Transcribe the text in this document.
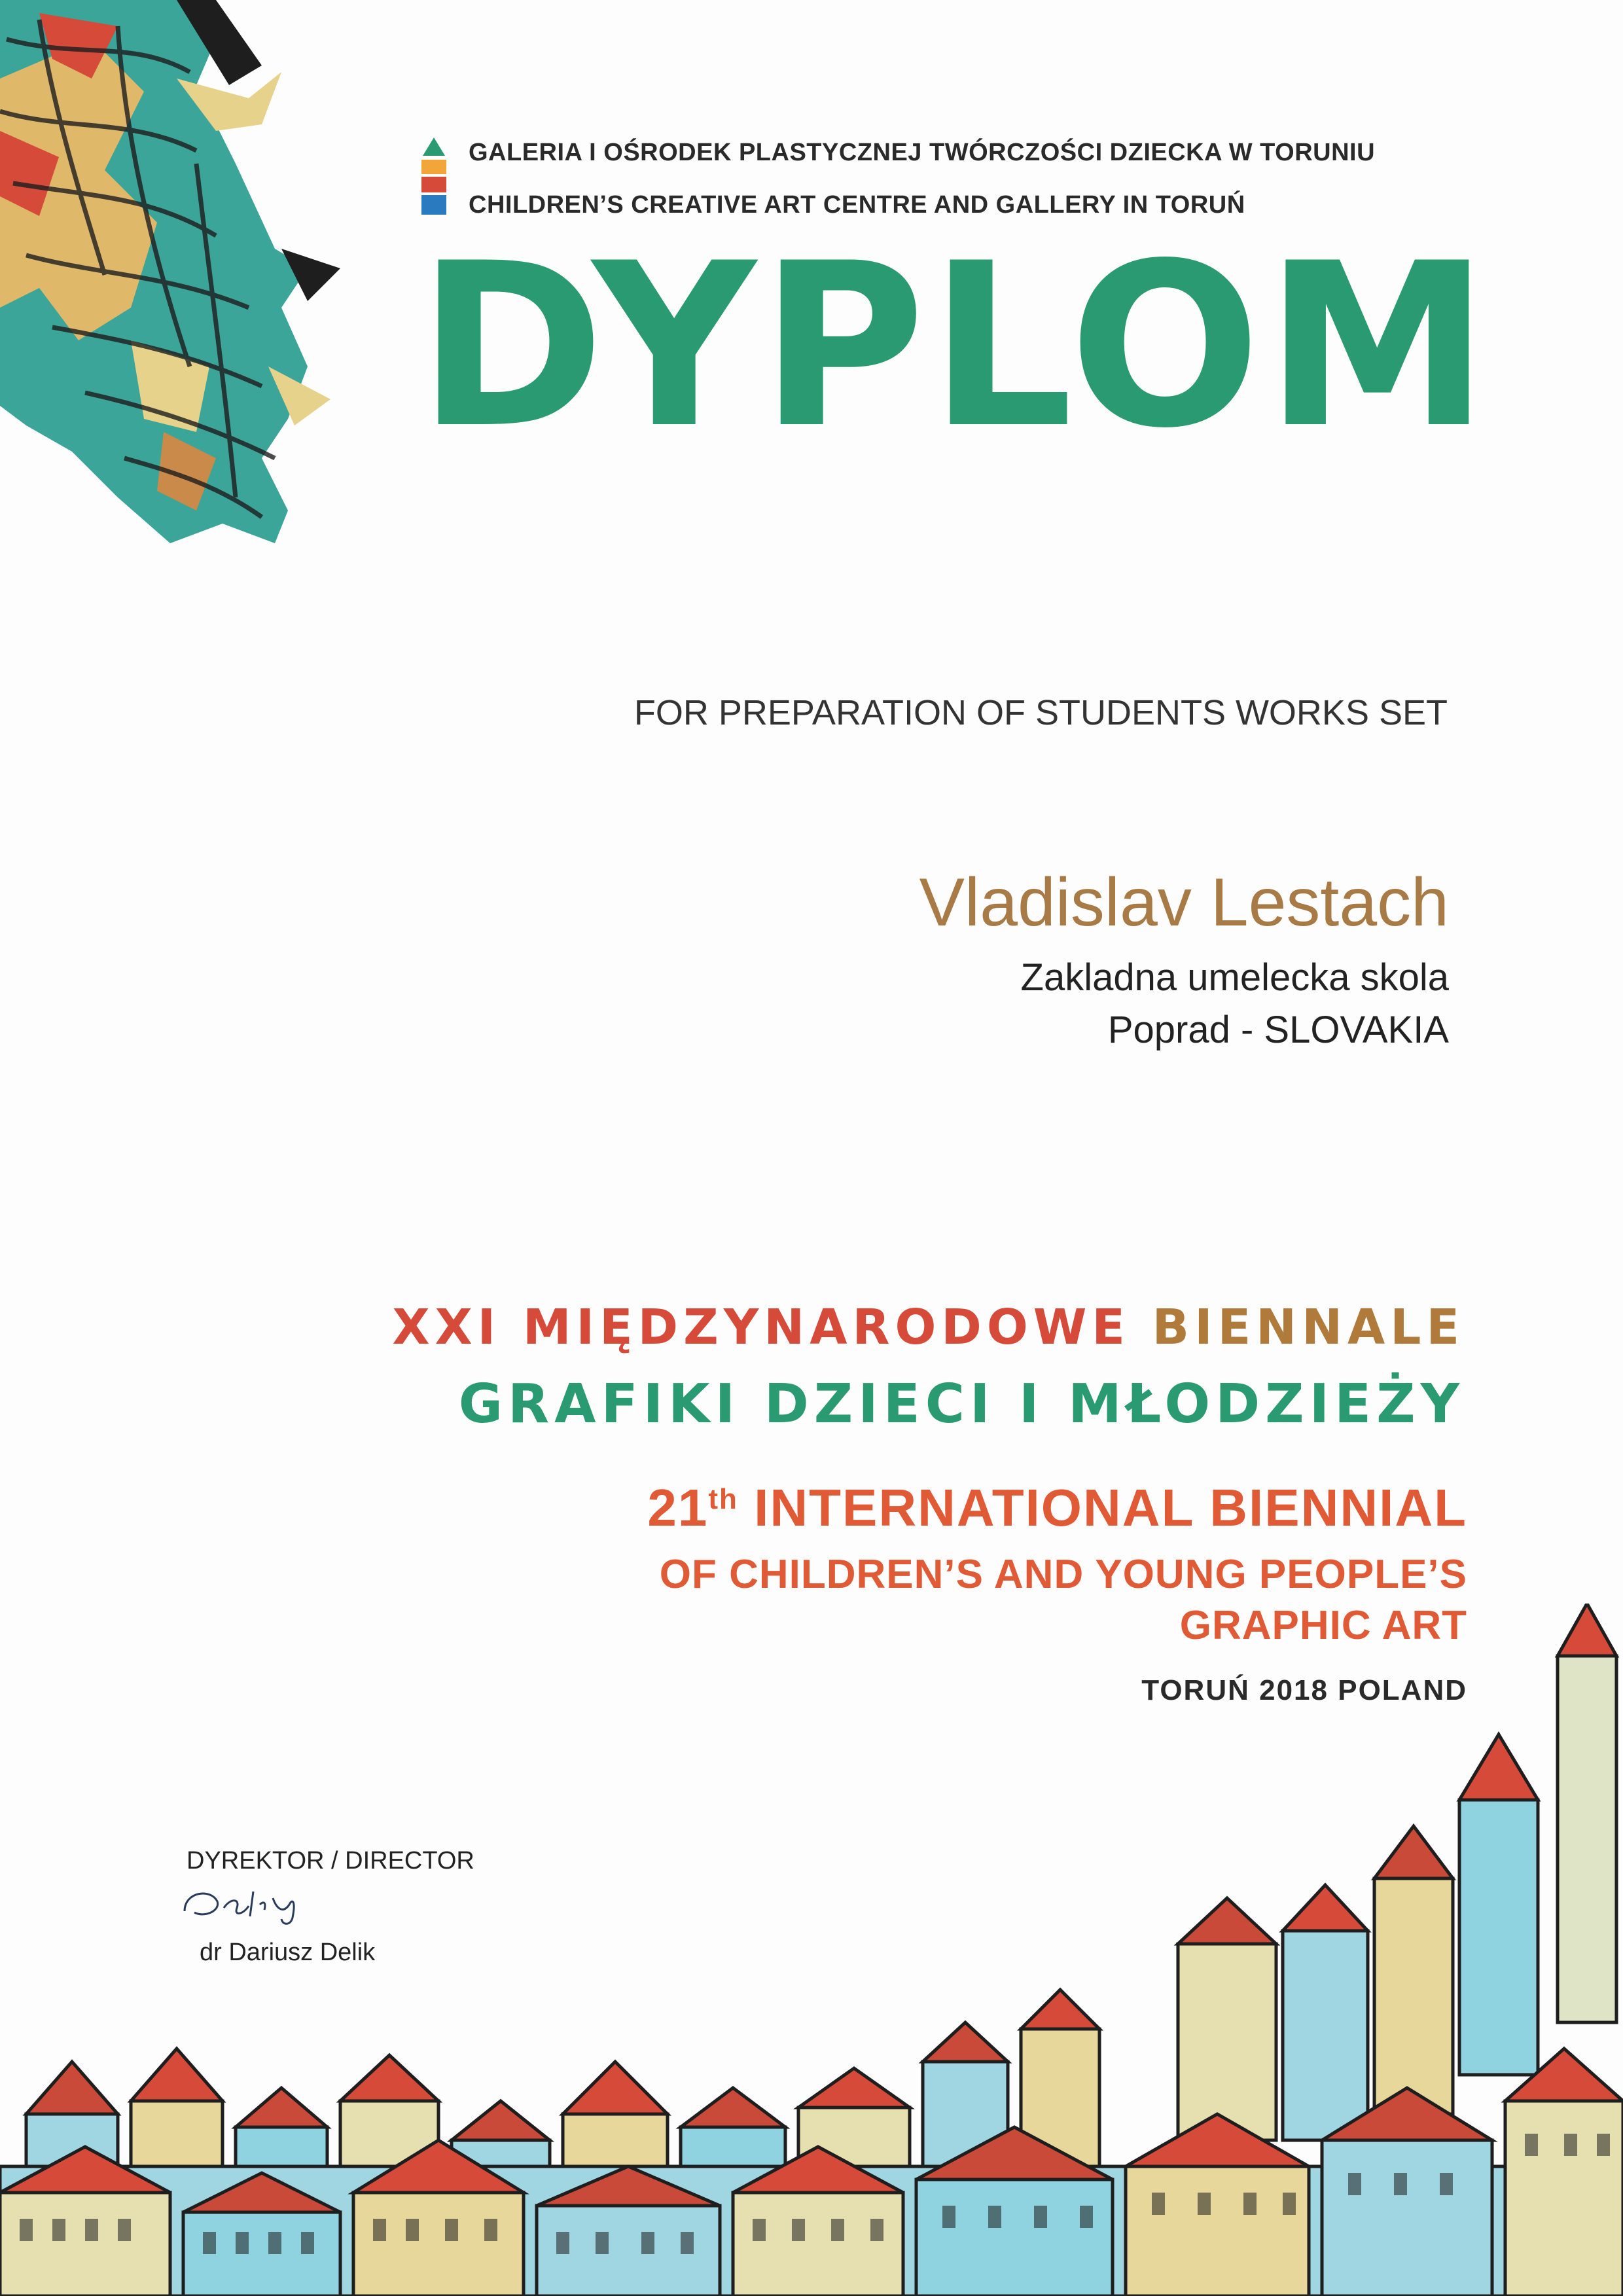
GALERIA I OŚRODEK PLASTYCZNEJ TWÓRCZOŚCI DZIECKA W TORUNIU
CHILDREN’S CREATIVE ART CENTRE AND GALLERY IN TORUŃ
DYPLOM
FOR PREPARATION OF STUDENTS WORKS SET
Vladislav Lestach
Zakladna umelecka skola
Poprad - SLOVAKIA
XXI MIĘDZYNARODOWE BIENNALE
GRAFIKI DZIECI I MŁODZIEŻY
21th INTERNATIONAL BIENNIAL
OF CHILDREN’S AND YOUNG PEOPLE’S
GRAPHIC ART
TORUŃ 2018 POLAND
DYREKTOR / DIRECTOR
dr Dariusz Delik
